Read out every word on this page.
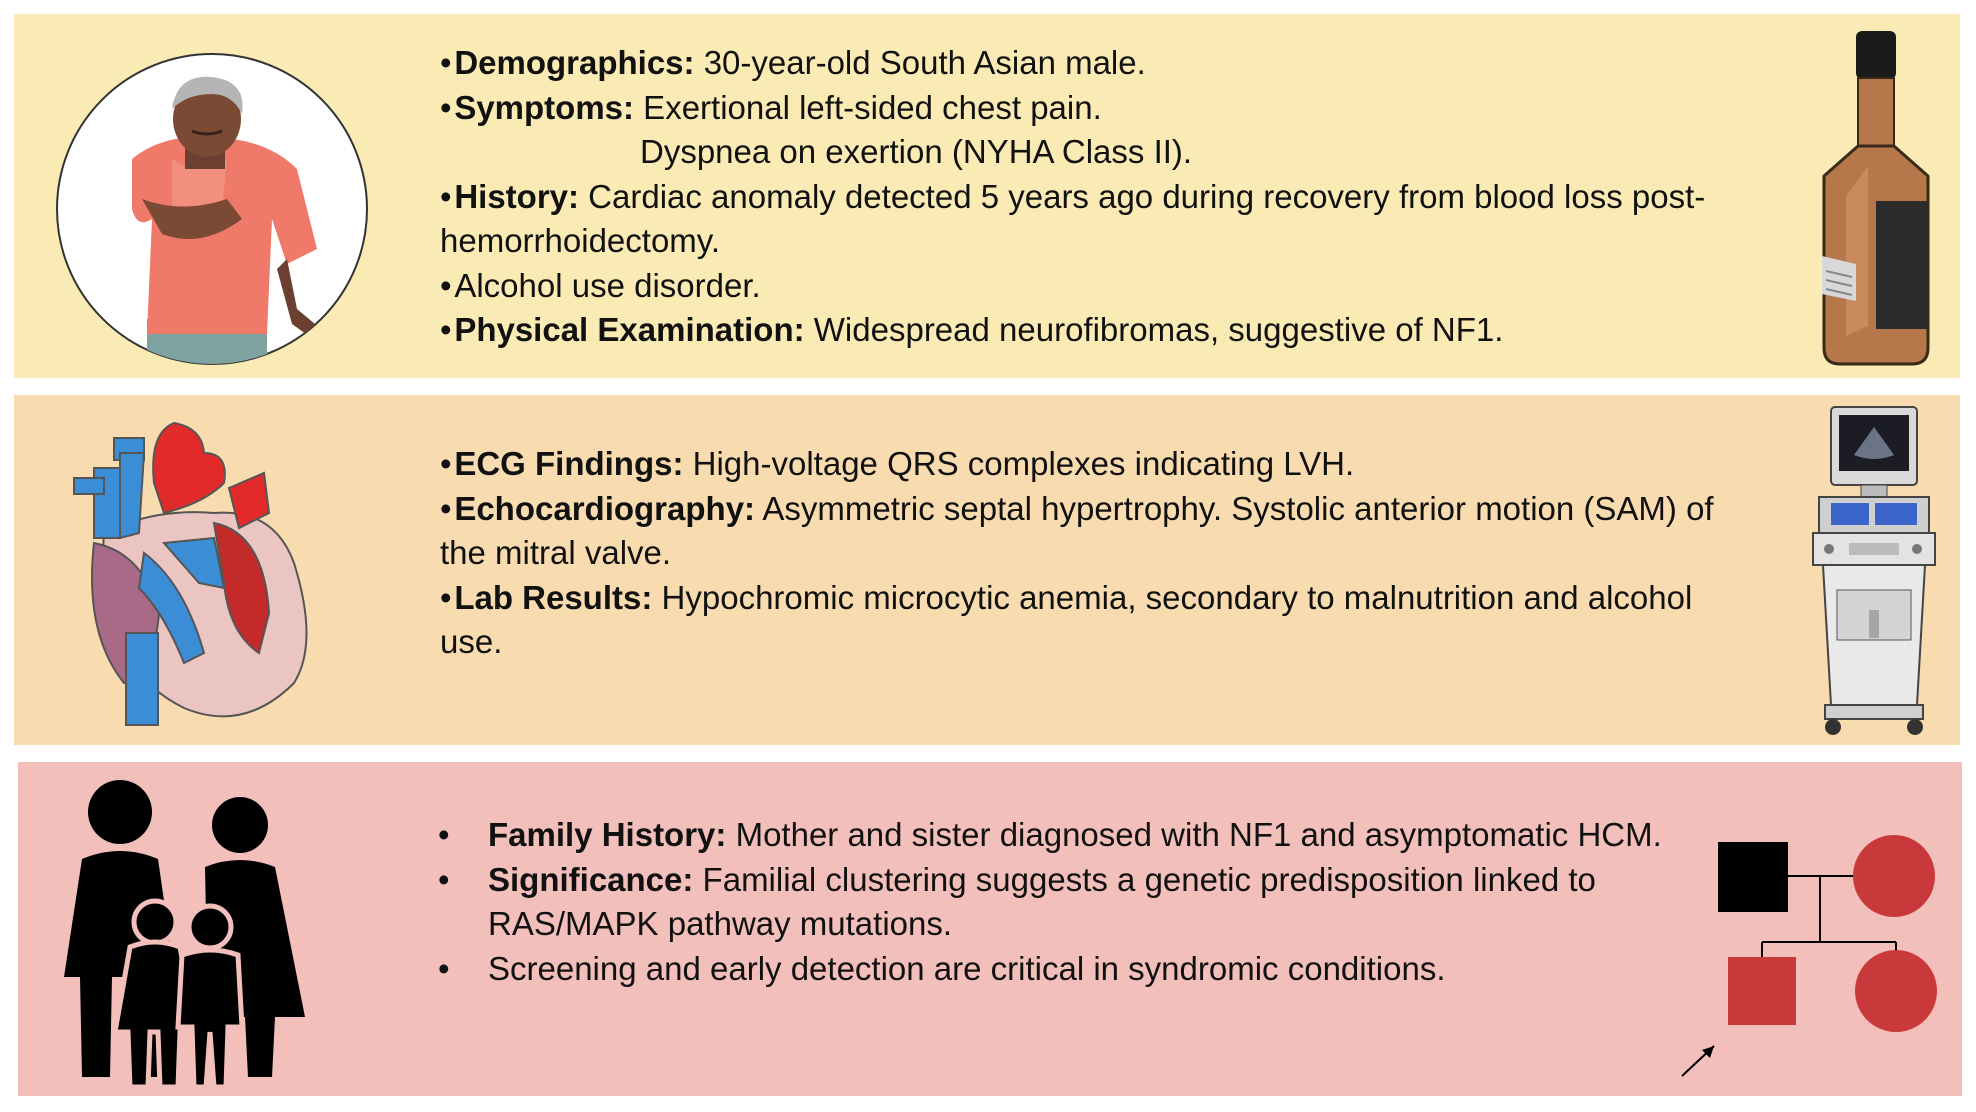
• Demographics: 30-year-old South Asian male.

• Symptoms: Exertional left-sided chest pain.

Dyspnea on exertion (NYHA Class II).

• History: Cardiac anomaly detected 5 years ago during recovery from blood loss post-hemorrhoidectomy.

• Alcohol use disorder.

• Physical Examination: Widespread neurofibromas, suggestive of NF1.

• ECG Findings: High-voltage QRS complexes indicating LVH.

• Echocardiography: Asymmetric septal hypertrophy. Systolic anterior motion (SAM) of the mitral valve.

• Lab Results: Hypochromic microcytic anemia, secondary to malnutrition and alcohol use.

• Family History: Mother and sister diagnosed with NF1 and asymptomatic HCM.

• Significance: Familial clustering suggests a genetic predisposition linked to RAS/MAPK pathway mutations.

• Screening and early detection are critical in syndromic conditions.
